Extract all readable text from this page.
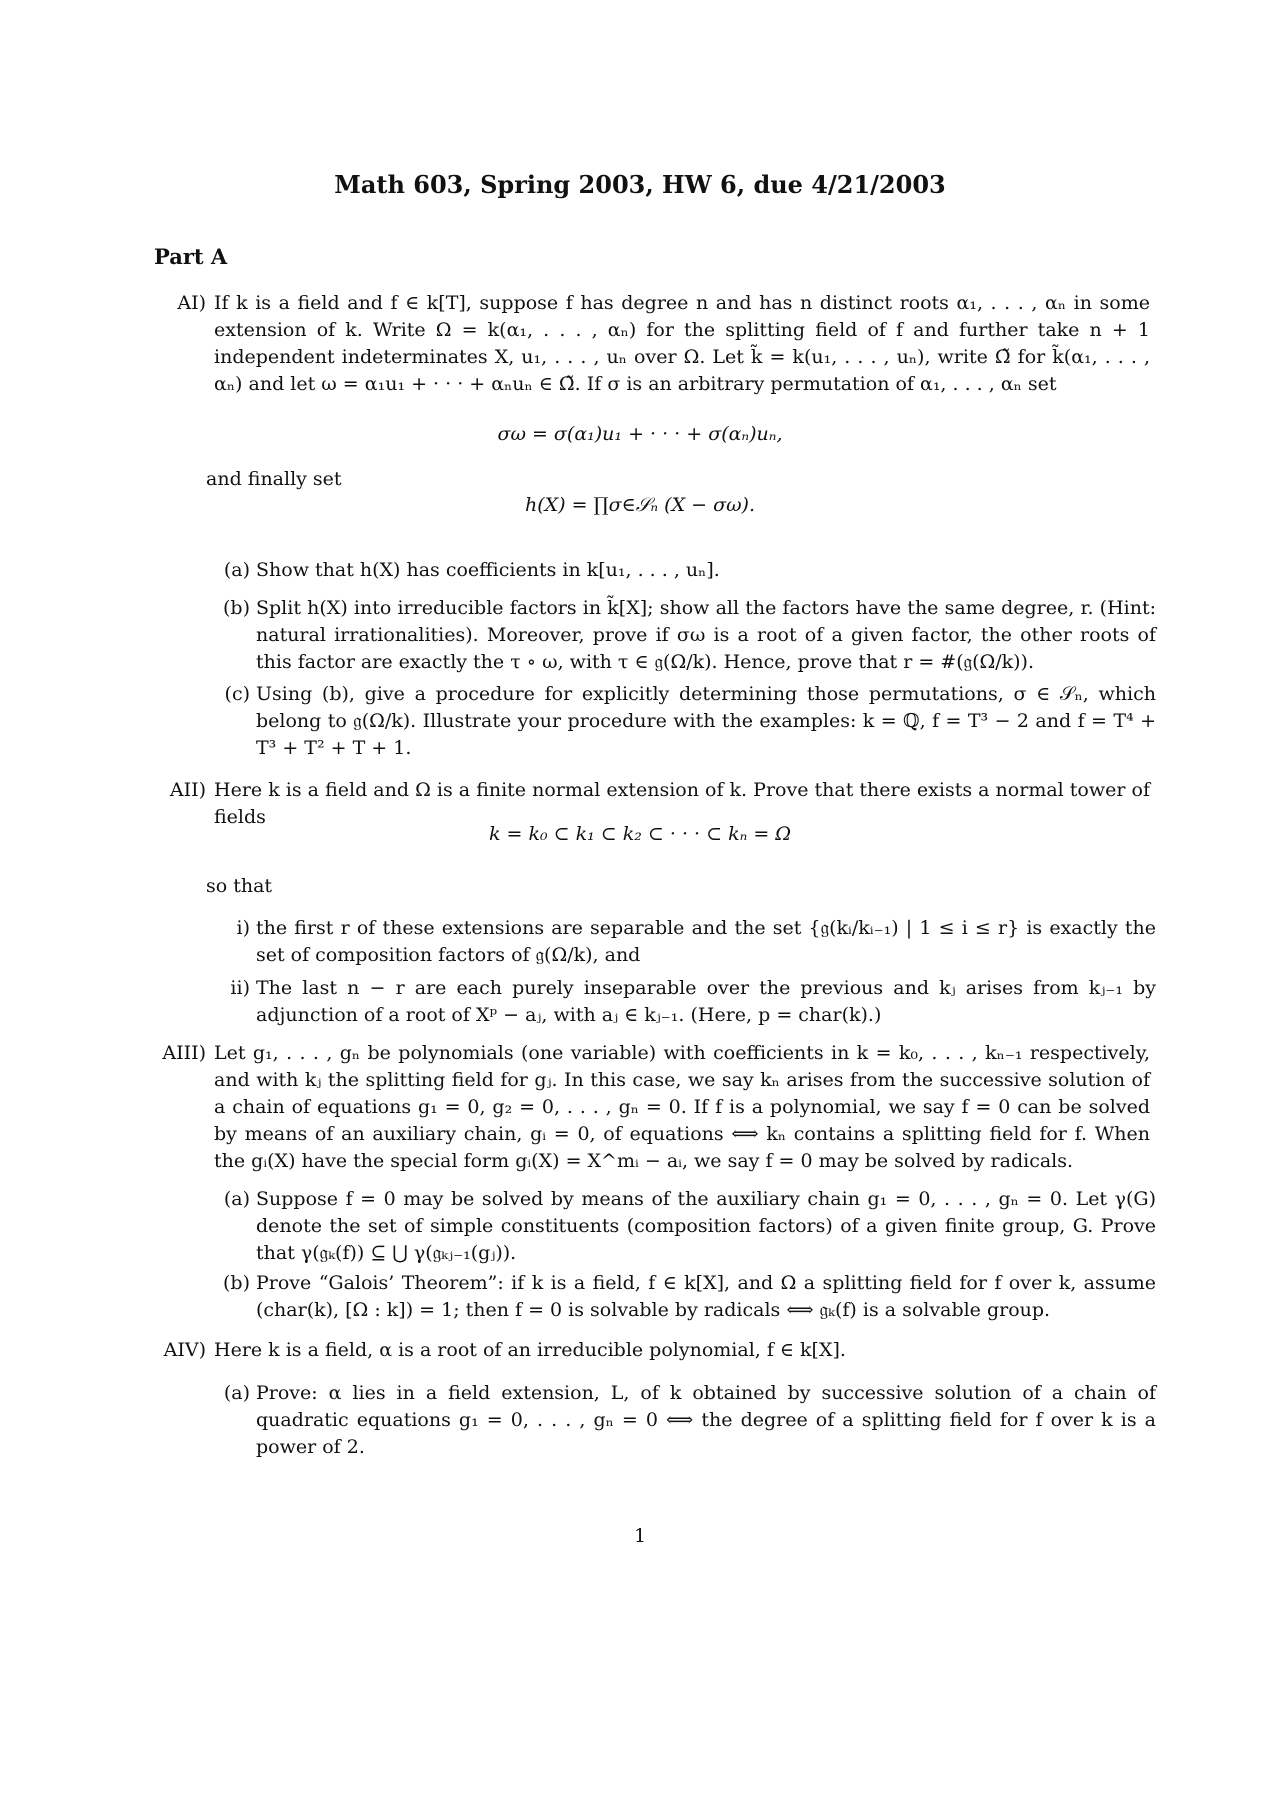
Math 603, Spring 2003, HW 6, due 4/21/2003
Part A
AI) If k is a field and f ∈ k[T], suppose f has degree n and has n distinct roots α₁, . . . , αₙ in some extension of k. Write Ω = k(α₁, . . . , αₙ) for the splitting field of f and further take n + 1 independent indeterminates X, u₁, . . . , uₙ over Ω. Let k̃ = k(u₁, . . . , uₙ), write Ω̃ for k̃(α₁, . . . , αₙ) and let ω = α₁u₁ + · · · + αₙuₙ ∈ Ω̃. If σ is an arbitrary permutation of α₁, . . . , αₙ set
σω = σ(α₁)u₁ + · · · + σ(αₙ)uₙ,
and finally set
h(X) = ∏σ∈𝒮ₙ (X − σω).
(a) Show that h(X) has coefficients in k[u₁, . . . , uₙ].
(b) Split h(X) into irreducible factors in k̃[X]; show all the factors have the same degree, r. (Hint: natural irrationalities). Moreover, prove if σω is a root of a given factor, the other roots of this factor are exactly the τ ∘ ω, with τ ∈ 𝔤(Ω/k). Hence, prove that r = #(𝔤(Ω/k)).
(c) Using (b), give a procedure for explicitly determining those permutations, σ ∈ 𝒮ₙ, which belong to 𝔤(Ω/k). Illustrate your procedure with the examples: k = ℚ, f = T³ − 2 and f = T⁴ + T³ + T² + T + 1.
AII) Here k is a field and Ω is a finite normal extension of k. Prove that there exists a normal tower of fields
k = k₀ ⊂ k₁ ⊂ k₂ ⊂ · · · ⊂ kₙ = Ω
so that
i) the first r of these extensions are separable and the set {𝔤(kᵢ/kᵢ₋₁) | 1 ≤ i ≤ r} is exactly the set of composition factors of 𝔤(Ω/k), and
ii) The last n − r are each purely inseparable over the previous and kⱼ arises from kⱼ₋₁ by adjunction of a root of Xᵖ − aⱼ, with aⱼ ∈ kⱼ₋₁. (Here, p = char(k).)
AIII) Let g₁, . . . , gₙ be polynomials (one variable) with coefficients in k = k₀, . . . , kₙ₋₁ respectively, and with kⱼ the splitting field for gⱼ. In this case, we say kₙ arises from the successive solution of a chain of equations g₁ = 0, g₂ = 0, . . . , gₙ = 0. If f is a polynomial, we say f = 0 can be solved by means of an auxiliary chain, gᵢ = 0, of equations ⟺ kₙ contains a splitting field for f. When the gᵢ(X) have the special form gᵢ(X) = X^mᵢ − aᵢ, we say f = 0 may be solved by radicals.
(a) Suppose f = 0 may be solved by means of the auxiliary chain g₁ = 0, . . . , gₙ = 0. Let γ(G) denote the set of simple constituents (composition factors) of a given finite group, G. Prove that γ(𝔤ₖ(f)) ⊆ ⋃ γ(𝔤ₖⱼ₋₁(gⱼ)).
(b) Prove “Galois’ Theorem”: if k is a field, f ∈ k[X], and Ω a splitting field for f over k, assume (char(k), [Ω : k]) = 1; then f = 0 is solvable by radicals ⟺ 𝔤ₖ(f) is a solvable group.
AIV) Here k is a field, α is a root of an irreducible polynomial, f ∈ k[X].
(a) Prove: α lies in a field extension, L, of k obtained by successive solution of a chain of quadratic equations g₁ = 0, . . . , gₙ = 0 ⟺ the degree of a splitting field for f over k is a power of 2.
1
